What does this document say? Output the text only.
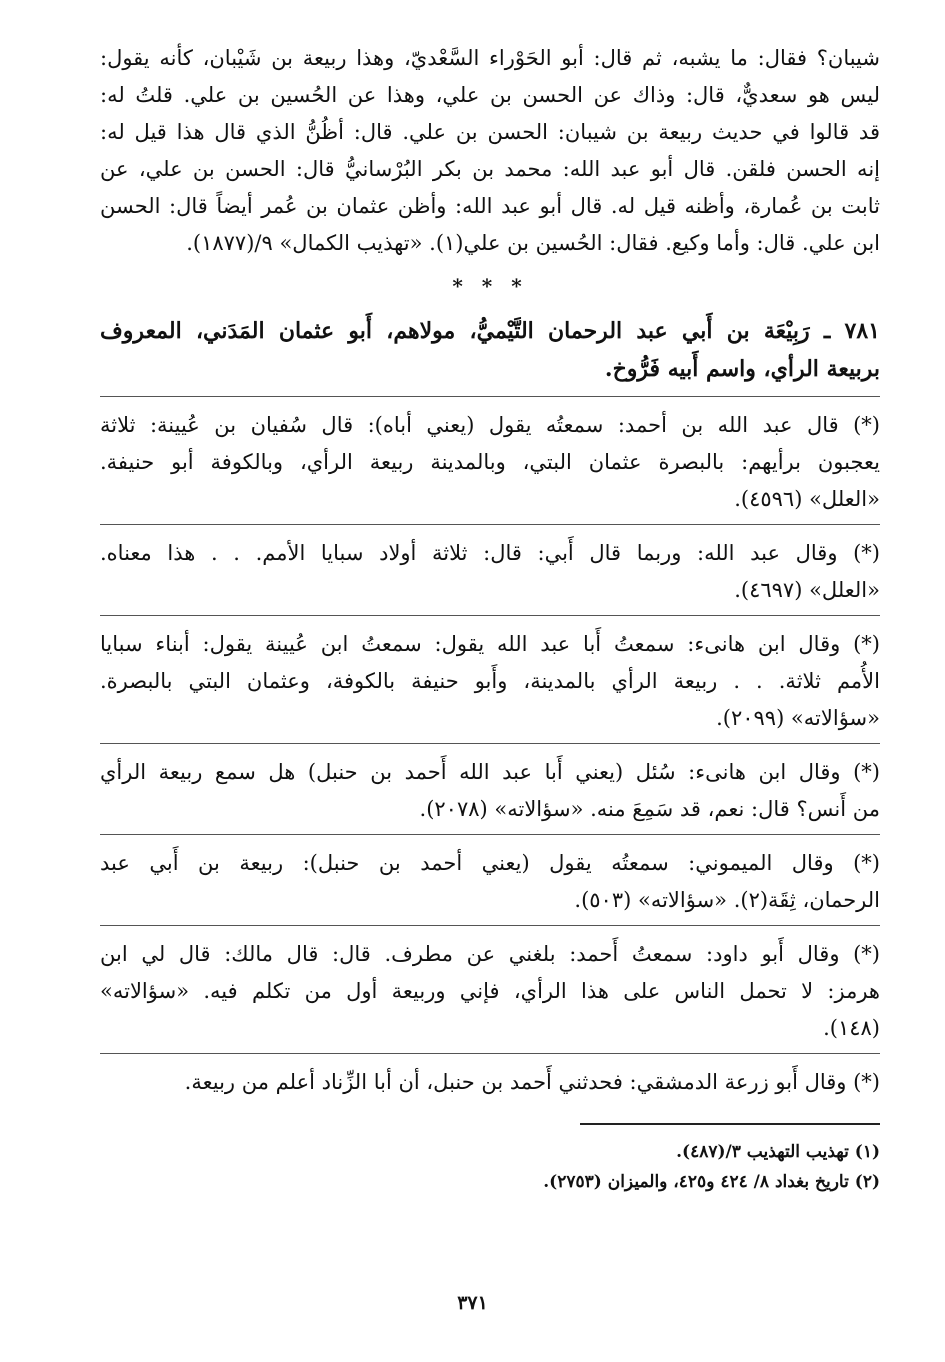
شيبان؟ فقال: ما يشبه، ثم قال: أبو الحَوْراء السَّعْديّ، وهذا ربيعة بن شَيْبان، كأنه يقول:
ليس هو سعديٌّ، قال: وذاك عن الحسن بن علي، وهذا عن الحُسين بن علي. قلتُ له:
قد قالوا في حديث ربيعة بن شيبان: الحسن بن علي. قال: أظُنُّ الذي قال هذا قيل له:
إنه الحسن فلقن. قال أبو عبد الله: محمد بن بكر البُرْسانيُّ قال: الحسن بن علي، عن
ثابت بن عُمارة، وأظنه قيل له. قال أبو عبد الله: وأظن عثمان بن عُمر أيضاً قال: الحسن
ابن علي. قال: وأما وكيع. فقال: الحُسين بن علي(١). «تهذيب الكمال» ٩/(١٨٧٧).
* * *
٧٨١ ـ رَبِيْعَة بن أَبي عبد الرحمان التَّيْميُّ، مولاهم، أَبو عثمان المَدَني، المعروف
بربيعة الرأي، واسم أَبيه فَرُّوخ.
(*) قال عبد الله بن أحمد: سمعتُه يقول (يعني أباه): قال سُفيان بن عُيينة: ثلاثة
يعجبون برأيهم: بالبصرة عثمان البتي، وبالمدينة ربيعة الرأي، وبالكوفة أبو حنيفة.
«العلل» (٤٥٩٦).
(*) وقال عبد الله: وربما قال أَبي: قال: ثلاثة أولاد سبايا الأمم. . . هذا معناه.
«العلل» (٤٦٩٧).
(*) وقال ابن هانىء: سمعتُ أَبا عبد الله يقول: سمعتُ ابن عُيينة يقول: أبناء سبايا
الأُمم ثلاثة. . . ربيعة الرأي بالمدينة، وأَبو حنيفة بالكوفة، وعثمان البتي بالبصرة.
«سؤالاته» (٢٠٩٩).
(*) وقال ابن هانىء: سُئل (يعني أَبا عبد الله أَحمد بن حنبل) هل سمع ربيعة الرأي
من أَنس؟ قال: نعم، قد سَمِعَ منه. «سؤالاته» (٢٠٧٨).
(*) وقال الميموني: سمعتُه يقول (يعني أحمد بن حنبل): ربيعة بن أَبي عبد
الرحمان، ثِقَة(٢). «سؤالاته» (٥٠٣).
(*) وقال أَبو داود: سمعتُ أَحمد: بلغني عن مطرف. قال: قال مالك: قال لي ابن
هرمز: لا تحمل الناس على هذا الرأي، فإني وربيعة أول من تكلم فيه. «سؤالاته»
(١٤٨).
(*) وقال أَبو زرعة الدمشقي: فحدثني أَحمد بن حنبل، أن أبا الزِّناد أعلم من ربيعة.
(١) تهذيب التهذيب ٣/(٤٨٧).
(٢) تاريخ بغداد ٨/ ٤٢٤ و٤٢٥، والميزان (٢٧٥٣).
٣٧١
